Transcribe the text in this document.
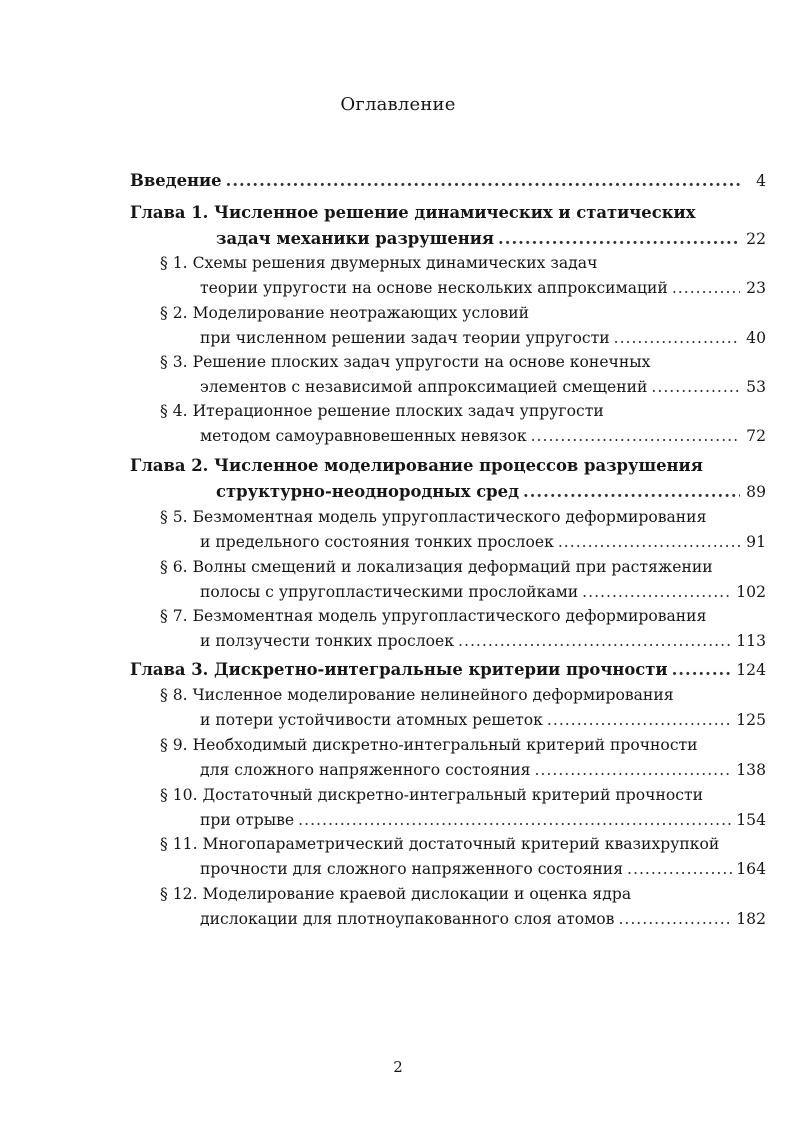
Оглавление
Введение .....	4
Глава 1. Численное решение динамических и статических
задач механики разрушения .....	22
§ 1. Схемы решения двумерных динамических задач
теории упругости на основе нескольких аппроксимаций .....	23
§ 2. Моделирование неотражающих условий
при численном решении задач теории упругости .....	40
§ 3. Решение плоских задач упругости на основе конечных
элементов с независимой аппроксимацией смещений .....	53
§ 4. Итерационное решение плоских задач упругости
методом самоуравновешенных невязок .....	72
Глава 2. Численное моделирование процессов разрушения
структурно-неоднородных сред .....	89
§ 5. Безмоментная модель упругопластического деформирования
и предельного состояния тонких прослоек .....	91
§ 6. Волны смещений и локализация деформаций при растяжении
полосы с упругопластическими прослойками .....	102
§ 7. Безмоментная модель упругопластического деформирования
и ползучести тонких прослоек .....	113
Глава 3. Дискретно-интегральные критерии прочности .....	124
§ 8. Численное моделирование нелинейного деформирования
и потери устойчивости атомных решеток .....	125
§ 9. Необходимый дискретно-интегральный критерий прочности
для сложного напряженного состояния .....	138
§ 10. Достаточный дискретно-интегральный критерий прочности
при отрыве .....	154
§ 11. Многопараметрический достаточный критерий квазихрупкой
прочности для сложного напряженного состояния .....	164
§ 12. Моделирование краевой дислокации и оценка ядра
дислокации для плотноупакованного слоя атомов .....	182
2
